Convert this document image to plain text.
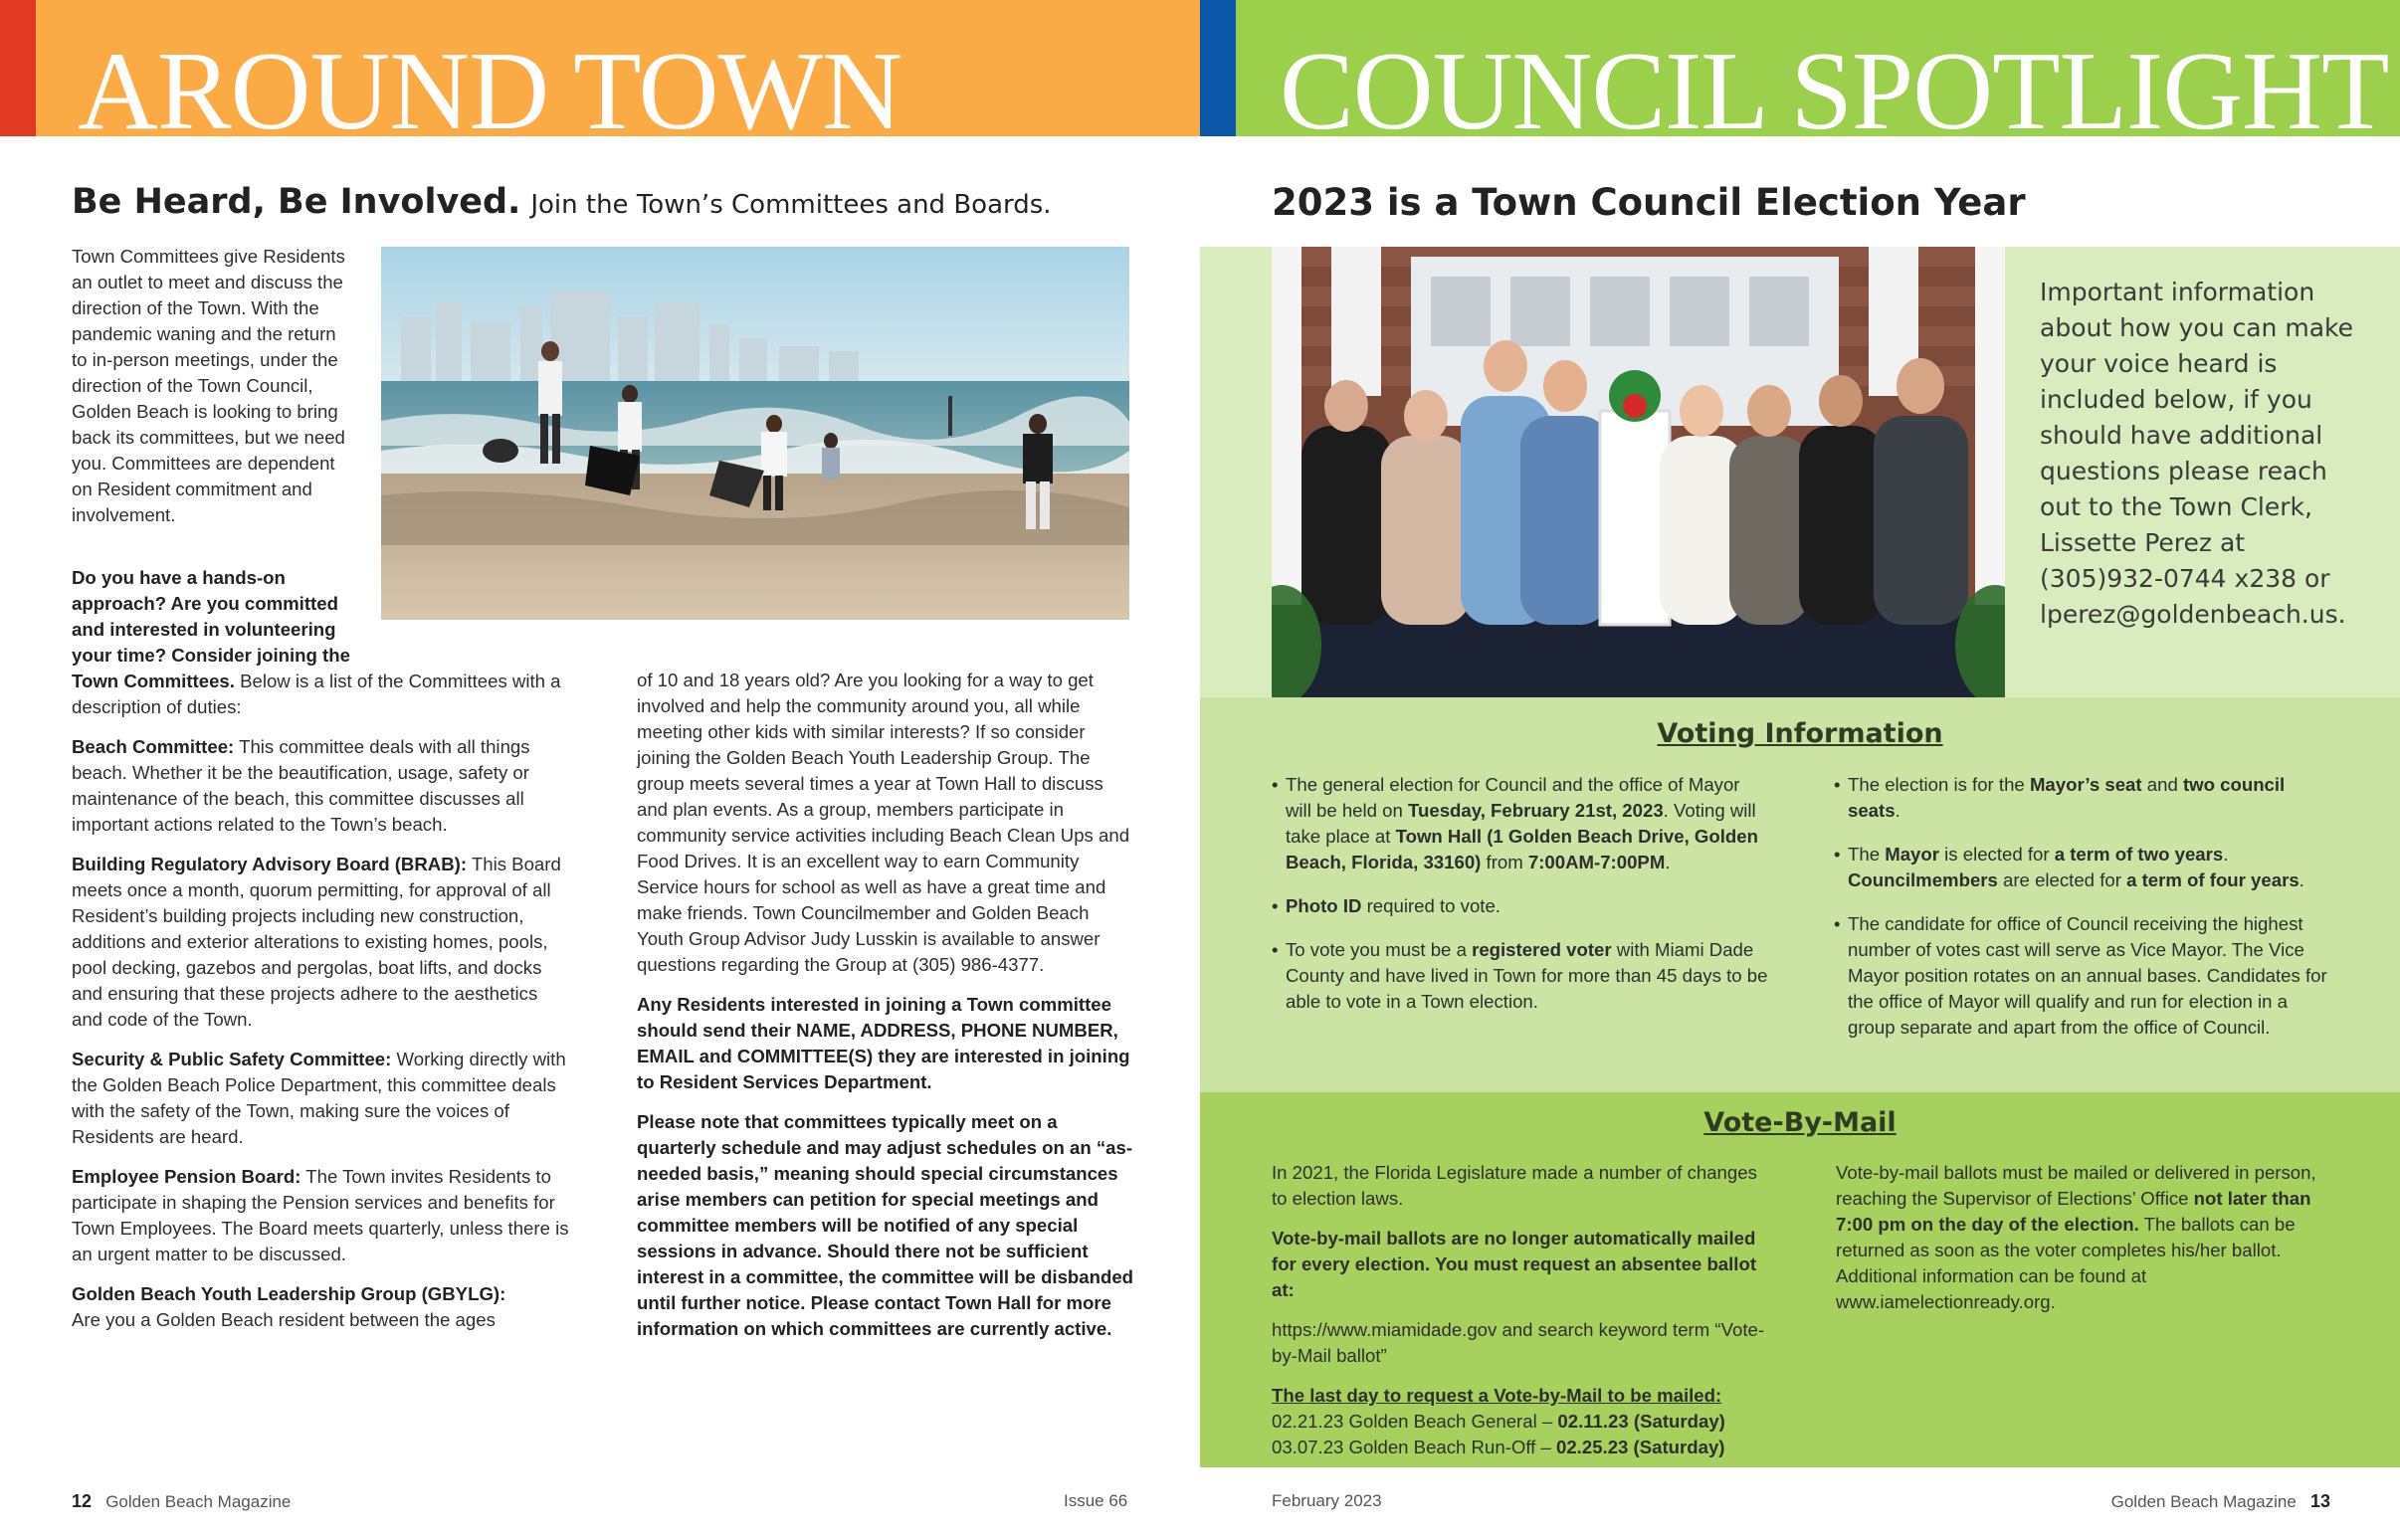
AROUND TOWN
Be Heard, Be Involved. Join the Town’s Committees and Boards.

Town Committees give Residents an outlet to meet and discuss the direction of the Town. With the pandemic waning and the return to in-person meetings, under the direction of the Town Council, Golden Beach is looking to bring back its committees, but we need you. Committees are dependent on Resident commitment and involvement.

Do you have a hands-on approach? Are you committed and interested in volunteering your time? Consider joining the Town Committees. Below is a list of the Committees with a description of duties:

Beach Committee: This committee deals with all things beach. Whether it be the beautification, usage, safety or maintenance of the beach, this committee discusses all important actions related to the Town’s beach.

Building Regulatory Advisory Board (BRAB): This Board meets once a month, quorum permitting, for approval of all Resident’s building projects including new construction, additions and exterior alterations to existing homes, pools, pool decking, gazebos and pergolas, boat lifts, and docks and ensuring that these projects adhere to the aesthetics and code of the Town.

Security & Public Safety Committee: Working directly with the Golden Beach Police Department, this committee deals with the safety of the Town, making sure the voices of Residents are heard.

Employee Pension Board: The Town invites Residents to participate in shaping the Pension services and benefits for Town Employees. The Board meets quarterly, unless there is an urgent matter to be discussed.

Golden Beach Youth Leadership Group (GBYLG):
Are you a Golden Beach resident between the ages

of 10 and 18 years old? Are you looking for a way to get involved and help the community around you, all while meeting other kids with similar interests? If so consider joining the Golden Beach Youth Leadership Group. The group meets several times a year at Town Hall to discuss and plan events. As a group, members participate in community service activities including Beach Clean Ups and Food Drives. It is an excellent way to earn Community Service hours for school as well as have a great time and make friends. Town Councilmember and Golden Beach Youth Group Advisor Judy Lusskin is available to answer questions regarding the Group at (305) 986-4377.

Any Residents interested in joining a Town committee should send their NAME, ADDRESS, PHONE NUMBER, EMAIL and COMMITTEE(S) they are interested in joining to Resident Services Department.

Please note that committees typically meet on a quarterly schedule and may adjust schedules on an “as-needed basis,” meaning should special circumstances arise members can petition for special meetings and committee members will be notified of any special sessions in advance. Should there not be sufficient interest in a committee, the committee will be disbanded until further notice. Please contact Town Hall for more information on which committees are currently active.

12 Golden Beach Magazine	Issue 66
COUNCIL SPOTLIGHT
2023 is a Town Council Election Year
Important information about how you can make your voice heard is included below, if you should have additional questions please reach out to the Town Clerk, Lissette Perez at (305)932-0744 x238 or lperez@goldenbeach.us.
Voting Information
• The general election for Council and the office of Mayor will be held on Tuesday, February 21st, 2023. Voting will take place at Town Hall (1 Golden Beach Drive, Golden Beach, Florida, 33160) from 7:00AM-7:00PM.
• Photo ID required to vote.
• To vote you must be a registered voter with Miami Dade County and have lived in Town for more than 45 days to be able to vote in a Town election.
• The election is for the Mayor’s seat and two council seats.
• The Mayor is elected for a term of two years. Councilmembers are elected for a term of four years.
• The candidate for office of Council receiving the highest number of votes cast will serve as Vice Mayor. The Vice Mayor position rotates on an annual bases. Candidates for the office of Mayor will qualify and run for election in a group separate and apart from the office of Council.
Vote-By-Mail

In 2021, the Florida Legislature made a number of changes to election laws.

Vote-by-mail ballots are no longer automatically mailed for every election. You must request an absentee ballot at:

https://www.miamidade.gov and search keyword term “Vote-by-Mail ballot”

The last day to request a Vote-by-Mail to be mailed:

02.21.23 Golden Beach General – 02.11.23 (Saturday)

03.07.23 Golden Beach Run-Off – 02.25.23 (Saturday)

Vote-by-mail ballots must be mailed or delivered in person, reaching the Supervisor of Elections’ Office not later than 7:00 pm on the day of the election. The ballots can be returned as soon as the voter completes his/her ballot. Additional information can be found at www.iamelectionready.org.

February 2023	Golden Beach Magazine 13
